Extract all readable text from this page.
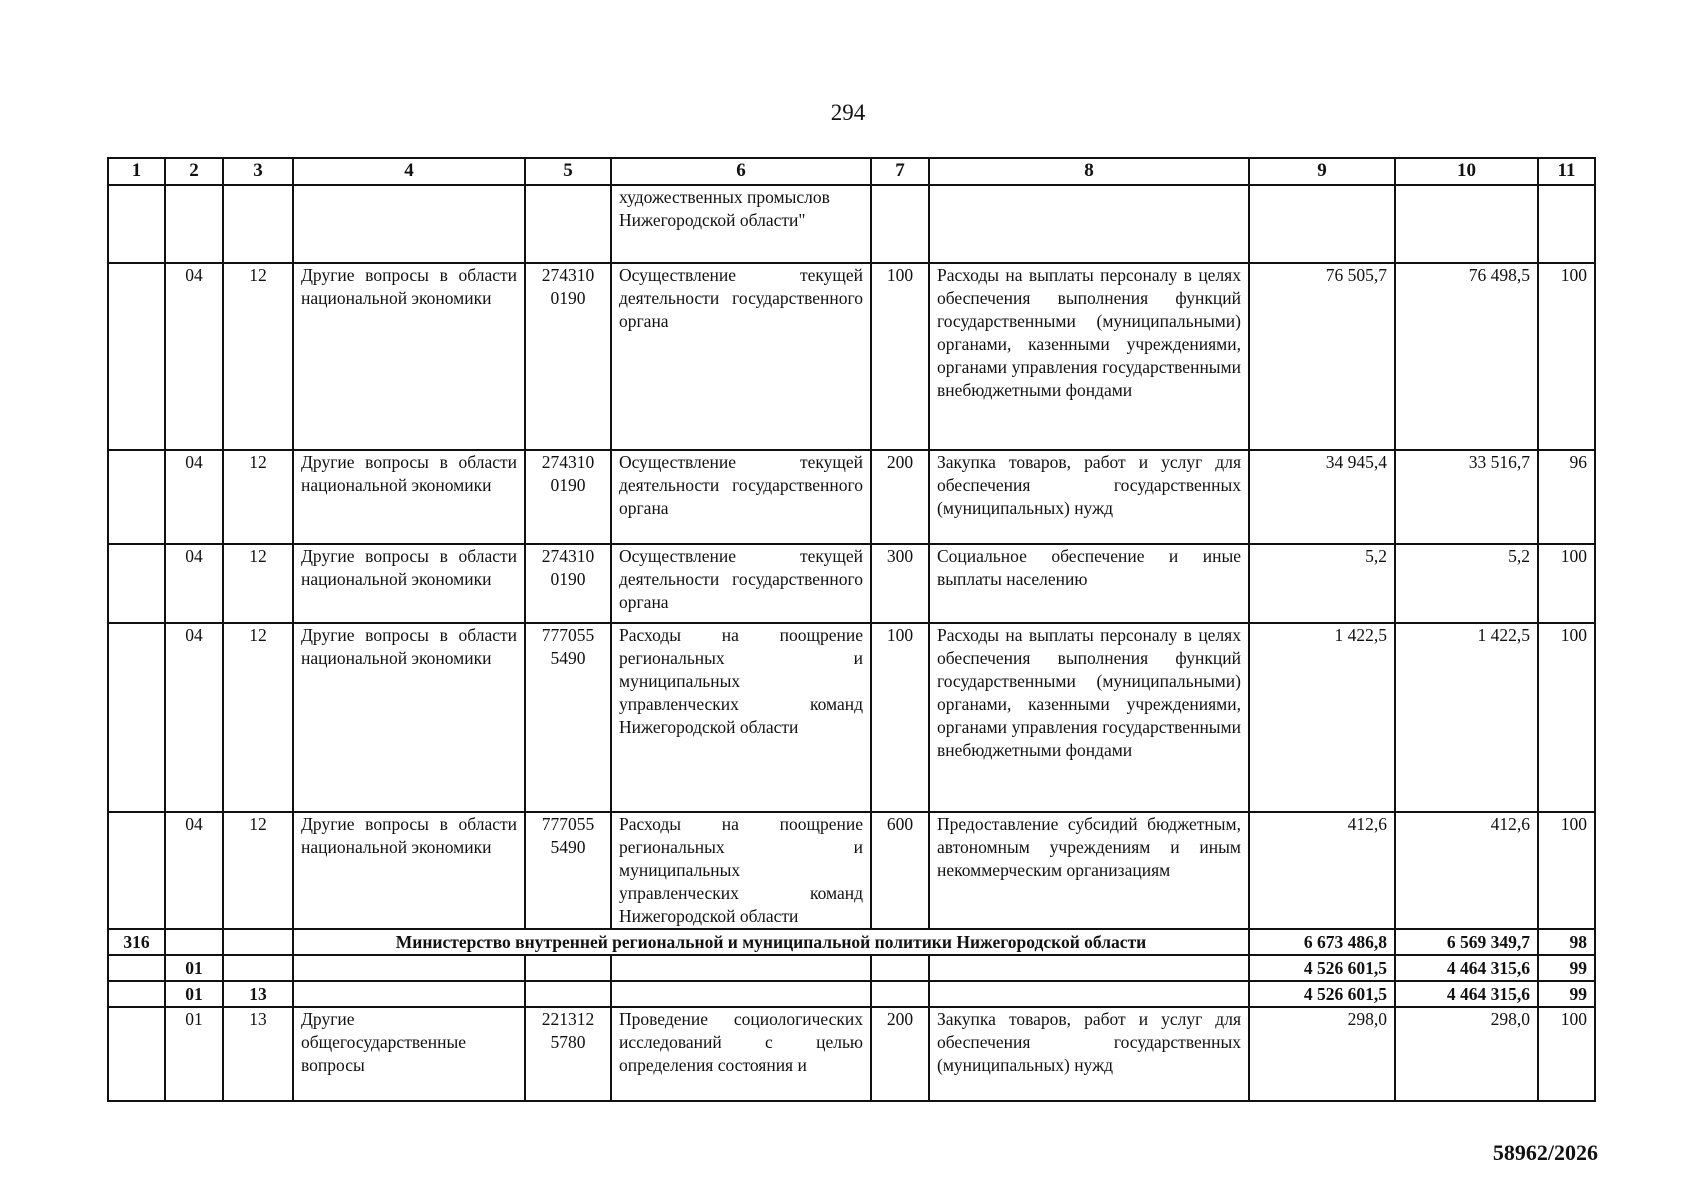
294
1	2	3	4	5	6	7	8	9	10	11
					художественных промыслов Нижегородской области"					
	04	12	Другие вопросы в области национальной экономики	274310 0190	Осуществление текущей деятельности государственного органа	100	Расходы на выплаты персоналу в целях обеспечения выполнения функций государственными (муниципальными) органами, казенными учреждениями, органами управления государственными внебюджетными фондами	76 505,7	76 498,5	100
	04	12	Другие вопросы в области национальной экономики	274310 0190	Осуществление текущей деятельности государственного органа	200	Закупка товаров, работ и услуг для обеспечения государственных (муниципальных) нужд	34 945,4	33 516,7	96
	04	12	Другие вопросы в области национальной экономики	274310 0190	Осуществление текущей деятельности государственного органа	300	Социальное обеспечение и иные выплаты населению	5,2	5,2	100
	04	12	Другие вопросы в области национальной экономики	777055 5490	Расходы на поощрение региональных и муниципальных управленческих команд Нижегородской области	100	Расходы на выплаты персоналу в целях обеспечения выполнения функций государственными (муниципальными) органами, казенными учреждениями, органами управления государственными внебюджетными фондами	1 422,5	1 422,5	100
	04	12	Другие вопросы в области национальной экономики	777055 5490	Расходы на поощрение региональных и муниципальных управленческих команд Нижегородской области	600	Предоставление субсидий бюджетным, автономным учреждениям и иным некоммерческим организациям	412,6	412,6	100
316			Министерство внутренней региональной и муниципальной политики Нижегородской области					6 673 486,8	6 569 349,7	98
	01							4 526 601,5	4 464 315,6	99
	01	13						4 526 601,5	4 464 315,6	99
	01	13	Другие общегосударственные вопросы	221312 5780	Проведение социологических исследований с целью определения состояния и	200	Закупка товаров, работ и услуг для обеспечения государственных (муниципальных) нужд	298,0	298,0	100
58962/2026
